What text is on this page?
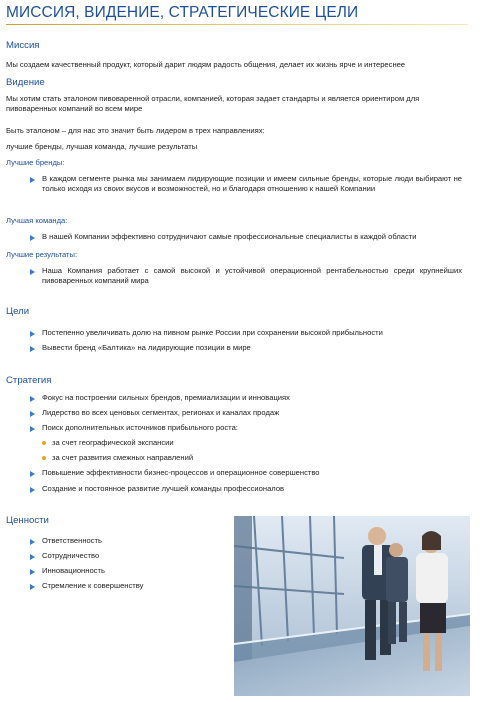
МИССИЯ, ВИДЕНИЕ, СТРАТЕГИЧЕСКИЕ ЦЕЛИ
Миссия
Мы создаем качественный продукт, который дарит людям радость общения, делает их жизнь ярче и интереснее
Видение
Мы хотим стать эталоном пивоваренной отрасли, компанией, которая задает стандарты и является ориентиром для пивоваренных компаний во всем мире
Быть эталоном – для нас это значит быть лидером в трех направлениях:
лучшие бренды, лучшая команда, лучшие результаты
Лучшие бренды:
В каждом сегменте рынка мы занимаем лидирующие позиции и имеем сильные бренды, которые люди выбирают не только исходя из своих вкусов и возможностей, но и благодаря отношению к нашей Компании
Лучшая команда:
В нашей Компании эффективно сотрудничают самые профессиональные специалисты в каждой области
Лучшие результаты:
Наша Компания работает с самой высокой и устойчивой операционной рентабельностью среди крупнейших пивоваренных компаний мира
Цели
Постепенно увеличивать долю на пивном рынке России при сохранении высокой прибыльности
Вывести бренд «Балтика» на лидирующие позиции в мире
Стратегия
Фокус на построении сильных брендов, премиализации и инновациях
Лидерство во всех ценовых сегментах, регионах и каналах продаж
Поиск дополнительных источников прибыльного роста:
за счет географической экспансии
за счет развития смежных направлений
Повышение эффективности бизнес-процессов и операционное совершенство
Создание и постоянное развитие лучшей команды профессионалов
Ценности
Ответственность
Сотрудничество
Инновационность
Стремление к совершенству
